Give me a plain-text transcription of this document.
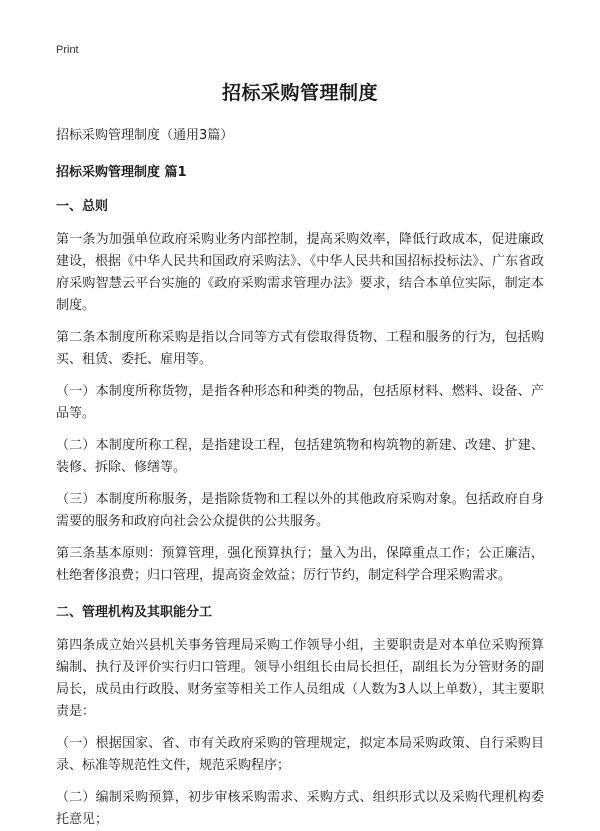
Print
招标采购管理制度
招标采购管理制度（通用3篇）
招标采购管理制度 篇1
一、总则

第一条为加强单位政府采购业务内部控制，提高采购效率，降低行政成本，促进廉政建设，根据《中华人民共和国政府采购法》、《中华人民共和国招标投标法》、广东省政府采购智慧云平台实施的《政府采购需求管理办法》要求，结合本单位实际，制定本制度。

第二条本制度所称采购是指以合同等方式有偿取得货物、工程和服务的行为，包括购买、租赁、委托、雇用等。

（一）本制度所称货物，是指各种形态和种类的物品，包括原材料、燃料、设备、产品等。

（二）本制度所称工程，是指建设工程，包括建筑物和构筑物的新建、改建、扩建、装修、拆除、修缮等。

（三）本制度所称服务，是指除货物和工程以外的其他政府采购对象。包括政府自身需要的服务和政府向社会公众提供的公共服务。

第三条基本原则：预算管理，强化预算执行；量入为出，保障重点工作；公正廉洁，杜绝奢侈浪费；归口管理，提高资金效益；厉行节约，制定科学合理采购需求。

二、管理机构及其职能分工

第四条成立始兴县机关事务管理局采购工作领导小组，主要职责是对本单位采购预算编制、执行及评价实行归口管理。领导小组组长由局长担任，副组长为分管财务的副局长，成员由行政股、财务室等相关工作人员组成（人数为3人以上单数），其主要职责是：

（一）根据国家、省、市有关政府采购的管理规定，拟定本局采购政策、自行采购目录、标准等规范性文件，规范采购程序；

（二）编制采购预算，初步审核采购需求、采购方式、组织形式以及采购代理机构委托意见；
